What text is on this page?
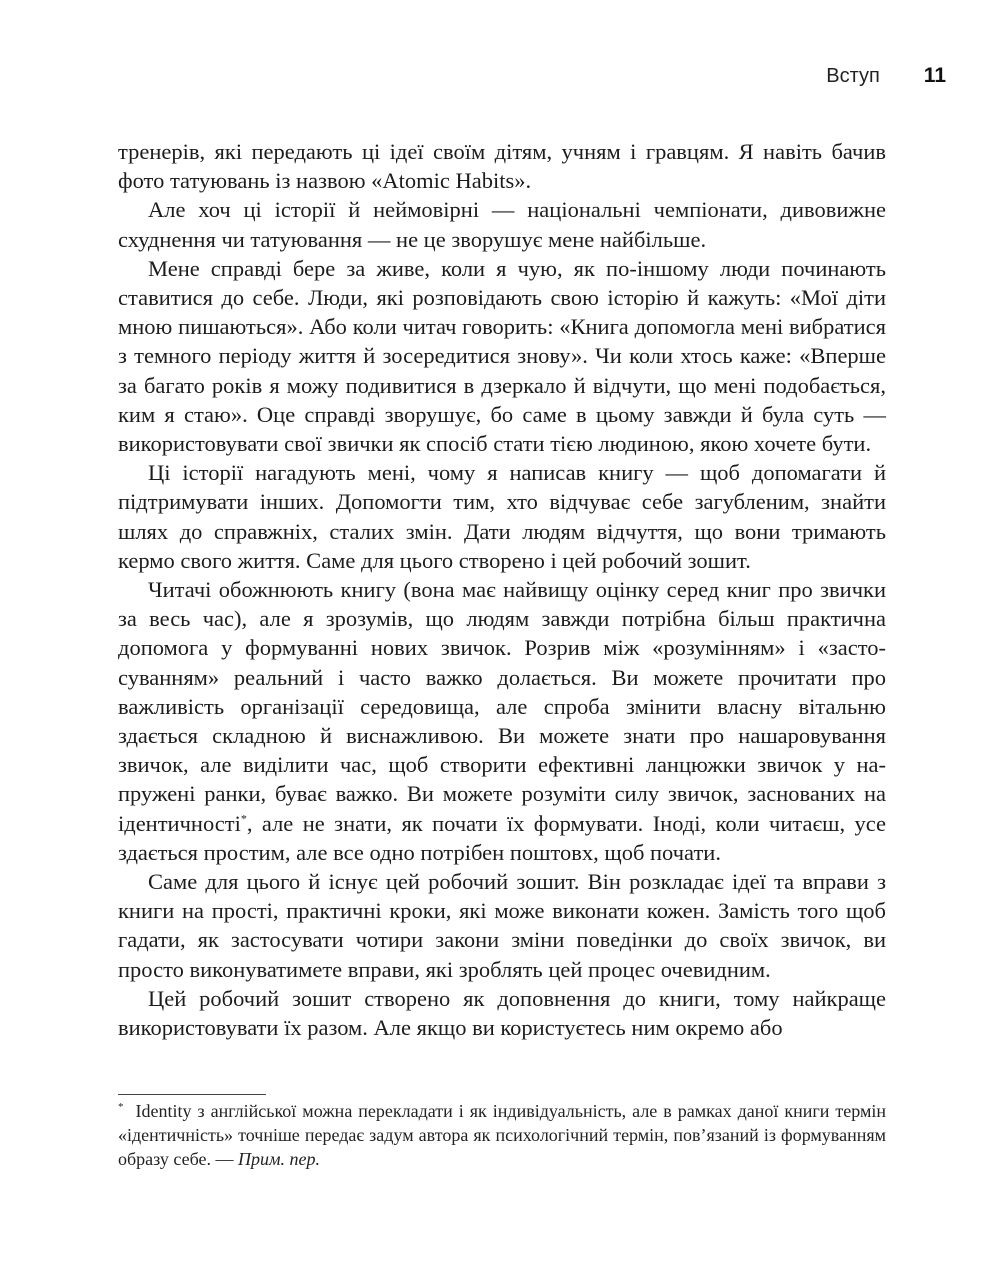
Вступ 11

тренерів, які передають ці ідеї своїм дітям, учням і гравцям. Я навіть бачив фото татуювань із назвою «Atomic Habits».

Але хоч ці історії й неймовірні — національні чемпіонати, дивовижне схуднення чи татуювання — не це зворушує мене найбільше.

Мене справді бере за живе, коли я чую, як по-іншому люди починають ставитися до себе. Люди, які розповідають свою історію й кажуть: «Мої діти мною пишаються». Або коли читач говорить: «Книга допомогла мені вибратися з темного періоду життя й зосередитися знову». Чи коли хтось каже: «Вперше за багато років я можу подивитися в дзеркало й відчути, що мені подобається, ким я стаю». Оце справді зворушує, бо саме в цьому завжди й була суть — використовувати свої звички як спосіб стати тією людиною, якою хочете бути.

Ці історії нагадують мені, чому я написав книгу — щоб допомагати й підтримувати інших. Допомогти тим, хто відчуває себе загубленим, знайти шлях до справжніх, сталих змін. Дати людям відчуття, що вони тримають кермо свого життя. Саме для цього створено і цей робочий зошит.

Читачі обожнюють книгу (вона має найвищу оцінку серед книг про звички за весь час), але я зрозумів, що людям завжди потрібна більш практична допомога у формуванні нових звичок. Розрив між «розумінням» і «застосуванням» реальний і часто важко долається. Ви можете прочитати про важливість організації середовища, але спроба змінити власну вітальню здається складною й виснажливою. Ви можете знати про нашаровування звичок, але виділити час, щоб створити ефективні ланцюжки звичок у напружені ранки, буває важко. Ви можете розуміти силу звичок, заснованих на ідентичності*, але не знати, як почати їх формувати. Іноді, коли читаєш, усе здається простим, але все одно потрібен поштовх, щоб почати.

Саме для цього й існує цей робочий зошит. Він розкладає ідеї та вправи з книги на прості, практичні кроки, які може виконати кожен. Замість того щоб гадати, як застосувати чотири закони зміни поведінки до своїх звичок, ви просто виконуватимете вправи, які зроблять цей процес очевидним.

Цей робочий зошит створено як доповнення до книги, тому найкраще використовувати їх разом. Але якщо ви користуєтесь ним окремо або

* Identity з англійської можна перекладати і як індивідуальність, але в рамках даної книги термін «ідентичність» точніше передає задум автора як психологічний термін, пов’язаний із формуванням образу себе. — Прим. пер.
